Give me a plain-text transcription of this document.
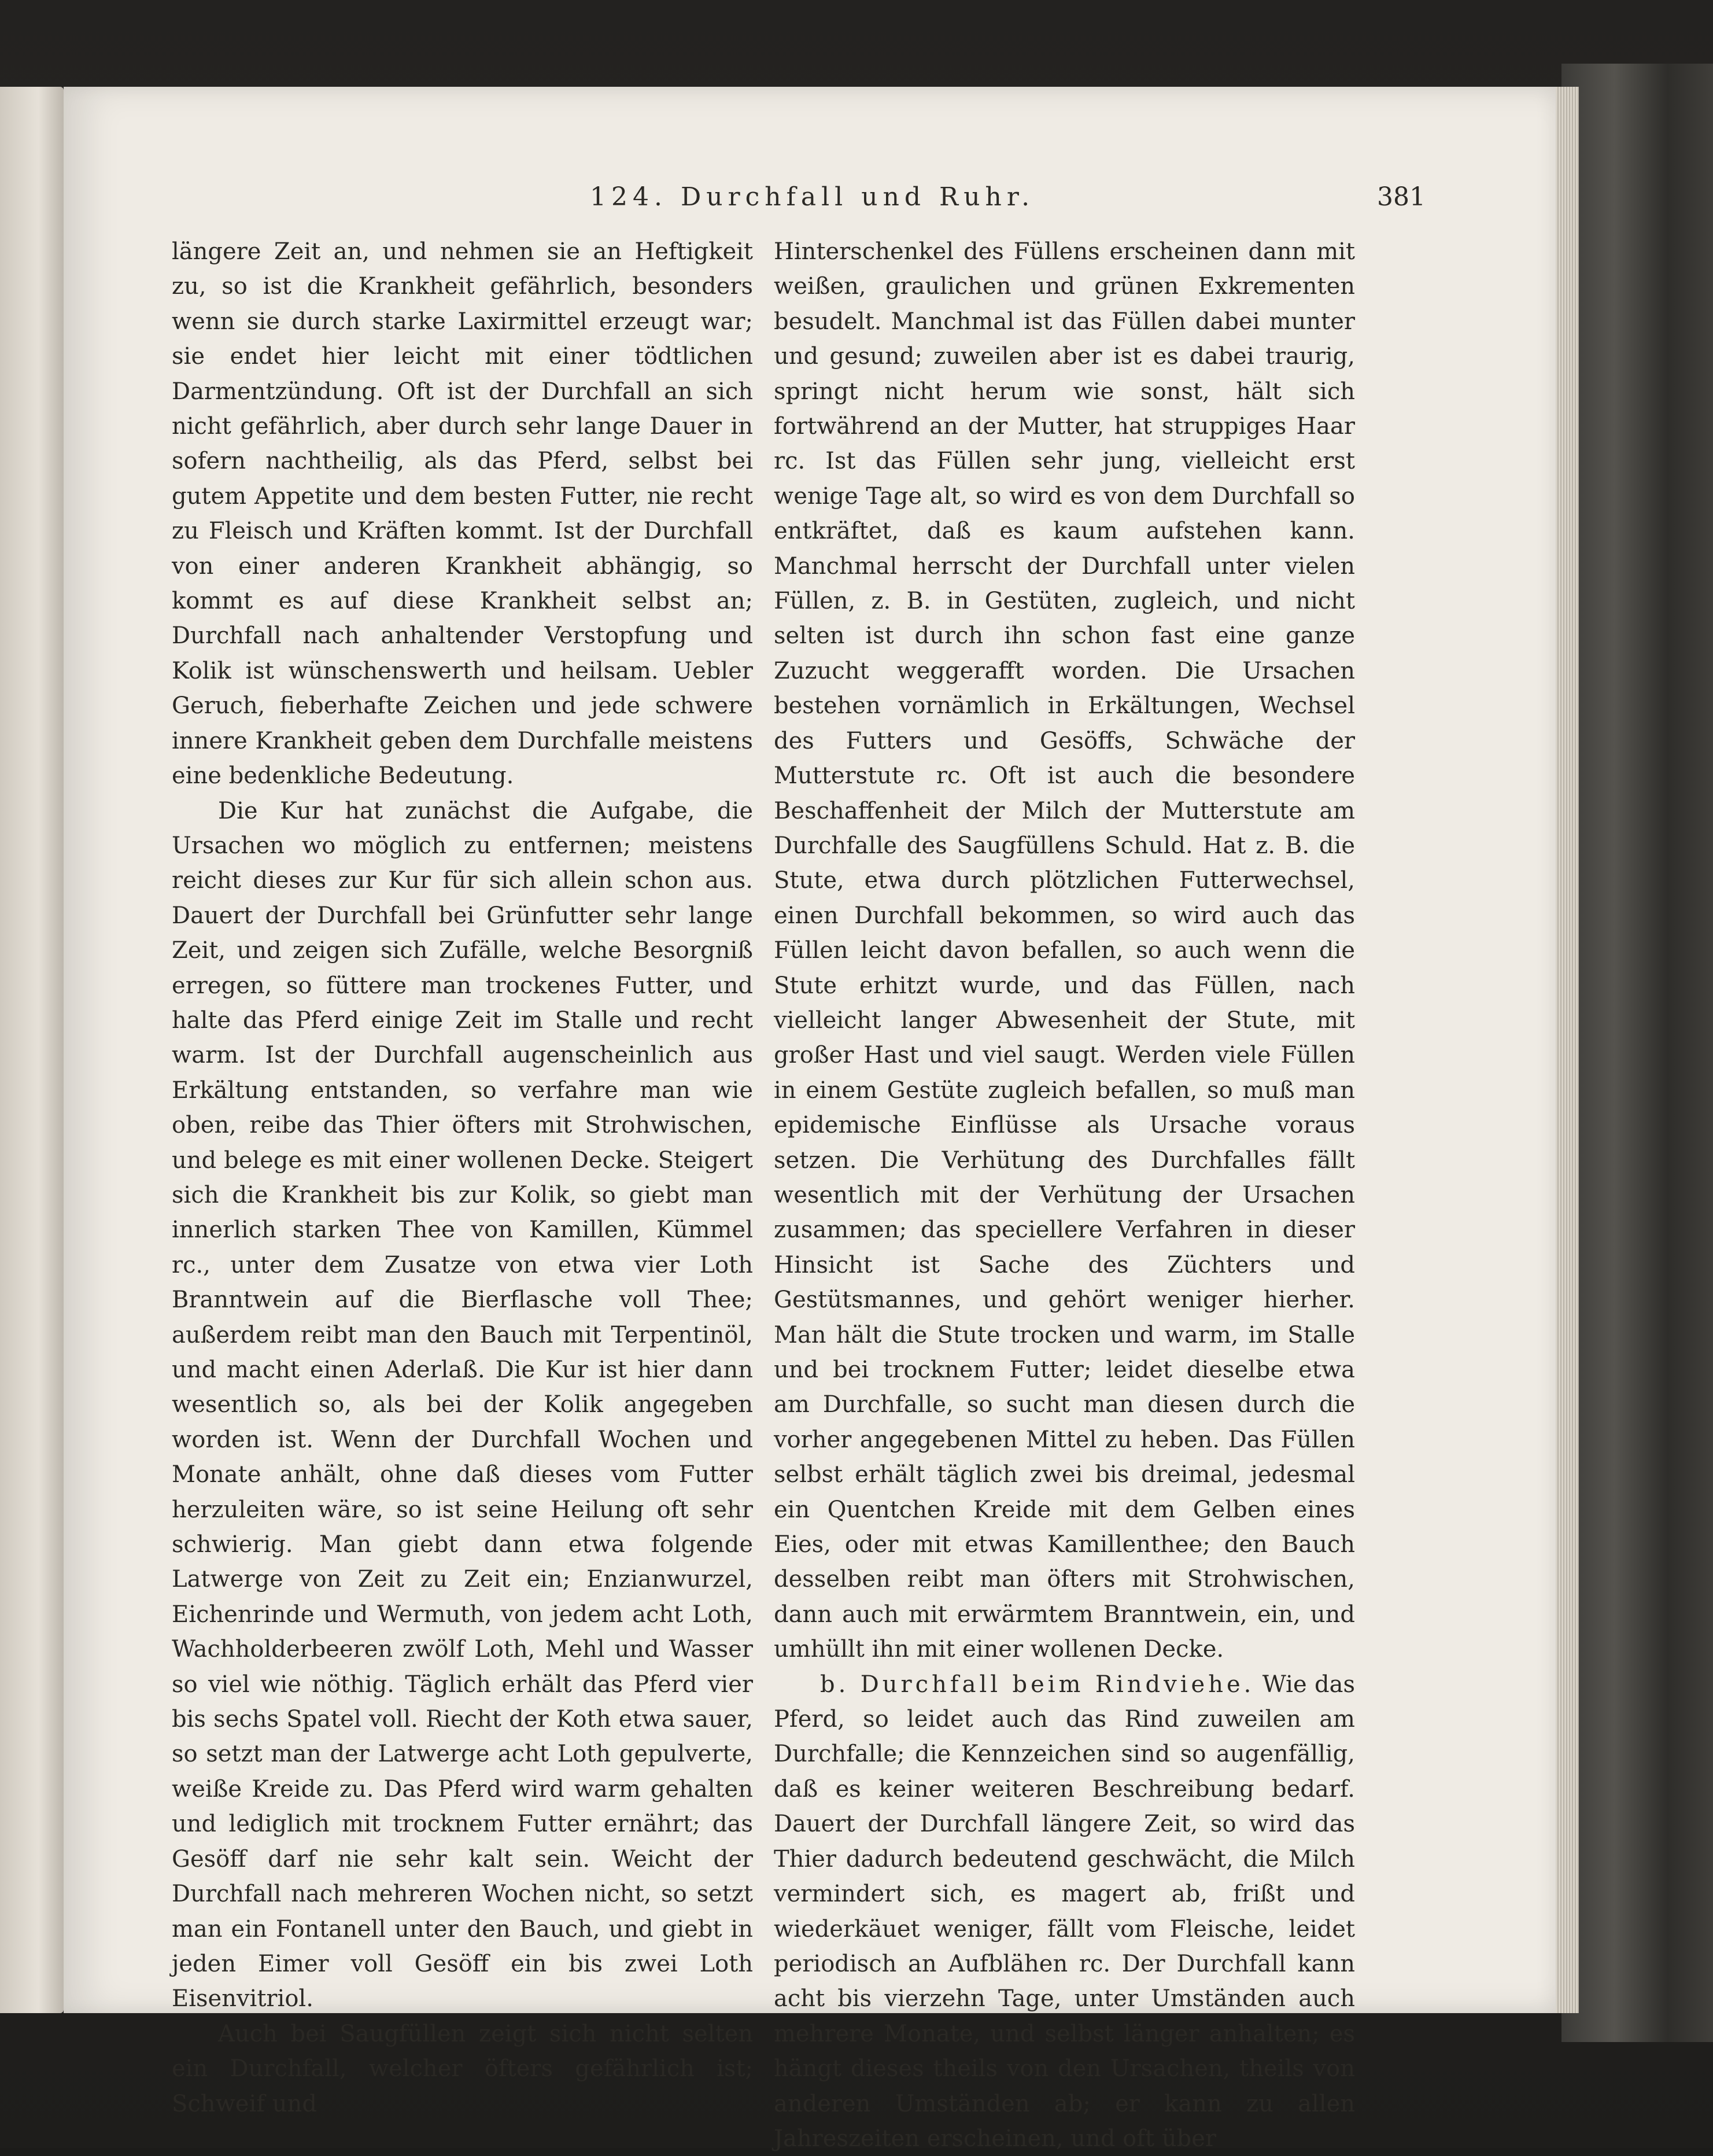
124. Durchfall und Ruhr.	381

längere Zeit an, und nehmen sie an Heftigkeit zu, so ist die Krankheit gefährlich, besonders wenn sie durch starke Laxirmittel erzeugt war; sie endet hier leicht mit einer tödtlichen Darmentzündung. Oft ist der Durchfall an sich nicht gefährlich, aber durch sehr lange Dauer in sofern nachtheilig, als das Pferd, selbst bei gutem Appetite und dem besten Futter, nie recht zu Fleisch und Kräften kommt. Ist der Durchfall von einer anderen Krankheit abhängig, so kommt es auf diese Krankheit selbst an; Durchfall nach anhaltender Verstopfung und Kolik ist wünschenswerth und heilsam. Uebler Geruch, fieberhafte Zeichen und jede schwere innere Krankheit geben dem Durchfalle meistens eine bedenkliche Bedeutung.

Die Kur hat zunächst die Aufgabe, die Ursachen wo möglich zu entfernen; meistens reicht dieses zur Kur für sich allein schon aus. Dauert der Durchfall bei Grünfutter sehr lange Zeit, und zeigen sich Zufälle, welche Besorgniß erregen, so füttere man trockenes Futter, und halte das Pferd einige Zeit im Stalle und recht warm. Ist der Durchfall augenscheinlich aus Erkältung entstanden, so verfahre man wie oben, reibe das Thier öfters mit Strohwischen, und belege es mit einer wollenen Decke. Steigert sich die Krankheit bis zur Kolik, so giebt man innerlich starken Thee von Kamillen, Kümmel rc., unter dem Zusatze von etwa vier Loth Branntwein auf die Bierflasche voll Thee; außerdem reibt man den Bauch mit Terpentinöl, und macht einen Aderlaß. Die Kur ist hier dann wesentlich so, als bei der Kolik angegeben worden ist. Wenn der Durchfall Wochen und Monate anhält, ohne daß dieses vom Futter herzuleiten wäre, so ist seine Heilung oft sehr schwierig. Man giebt dann etwa folgende Latwerge von Zeit zu Zeit ein; Enzianwurzel, Eichenrinde und Wermuth, von jedem acht Loth, Wachholderbeeren zwölf Loth, Mehl und Wasser so viel wie nöthig. Täglich erhält das Pferd vier bis sechs Spatel voll. Riecht der Koth etwa sauer, so setzt man der Latwerge acht Loth gepulverte, weiße Kreide zu. Das Pferd wird warm gehalten und lediglich mit trocknem Futter ernährt; das Gesöff darf nie sehr kalt sein. Weicht der Durchfall nach mehreren Wochen nicht, so setzt man ein Fontanell unter den Bauch, und giebt in jeden Eimer voll Gesöff ein bis zwei Loth Eisenvitriol.

Auch bei Saugfüllen zeigt sich nicht selten ein Durchfall, welcher öfters gefährlich ist; Schweif und

Hinterschenkel des Füllens erscheinen dann mit weißen, graulichen und grünen Exkrementen besudelt. Manchmal ist das Füllen dabei munter und gesund; zuweilen aber ist es dabei traurig, springt nicht herum wie sonst, hält sich fortwährend an der Mutter, hat struppiges Haar rc. Ist das Füllen sehr jung, vielleicht erst wenige Tage alt, so wird es von dem Durchfall so entkräftet, daß es kaum aufstehen kann. Manchmal herrscht der Durchfall unter vielen Füllen, z. B. in Gestüten, zugleich, und nicht selten ist durch ihn schon fast eine ganze Zuzucht weggerafft worden. Die Ursachen bestehen vornämlich in Erkältungen, Wechsel des Futters und Gesöffs, Schwäche der Mutterstute rc. Oft ist auch die besondere Beschaffenheit der Milch der Mutterstute am Durchfalle des Saugfüllens Schuld. Hat z. B. die Stute, etwa durch plötzlichen Futterwechsel, einen Durchfall bekommen, so wird auch das Füllen leicht davon befallen, so auch wenn die Stute erhitzt wurde, und das Füllen, nach vielleicht langer Abwesenheit der Stute, mit großer Hast und viel saugt. Werden viele Füllen in einem Gestüte zugleich befallen, so muß man epidemische Einflüsse als Ursache voraus setzen. Die Verhütung des Durchfalles fällt wesentlich mit der Verhütung der Ursachen zusammen; das speciellere Verfahren in dieser Hinsicht ist Sache des Züchters und Gestütsmannes, und gehört weniger hierher. Man hält die Stute trocken und warm, im Stalle und bei trocknem Futter; leidet dieselbe etwa am Durchfalle, so sucht man diesen durch die vorher angegebenen Mittel zu heben. Das Füllen selbst erhält täglich zwei bis dreimal, jedesmal ein Quentchen Kreide mit dem Gelben eines Eies, oder mit etwas Kamillenthee; den Bauch desselben reibt man öfters mit Strohwischen, dann auch mit erwärmtem Branntwein, ein, und umhüllt ihn mit einer wollenen Decke.

b. Durchfall beim Rindviehe. Wie das Pferd, so leidet auch das Rind zuweilen am Durchfalle; die Kennzeichen sind so augenfällig, daß es keiner weiteren Beschreibung bedarf. Dauert der Durchfall längere Zeit, so wird das Thier dadurch bedeutend geschwächt, die Milch vermindert sich, es magert ab, frißt und wiederkäuet weniger, fällt vom Fleische, leidet periodisch an Aufblähen rc. Der Durchfall kann acht bis vierzehn Tage, unter Umständen auch mehrere Monate, und selbst länger anhalten; es hängt dieses theils von den Ursachen, theils von anderen Umständen ab; er kann zu allen Jahreszeiten erscheinen, und oft über
